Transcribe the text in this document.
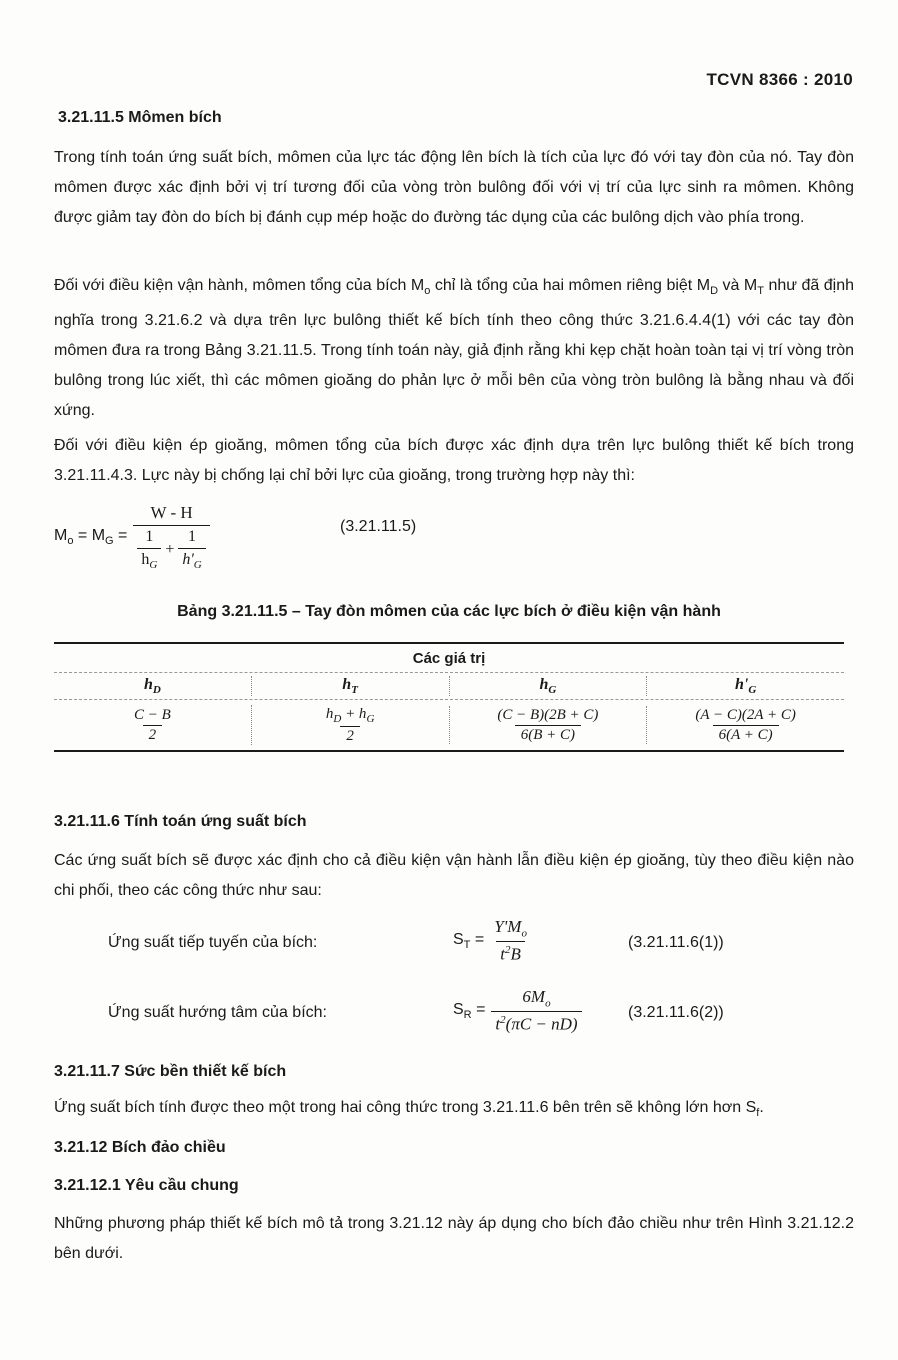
TCVN 8366 : 2010
3.21.11.5 Mômen bích

Trong tính toán ứng suất bích, mômen của lực tác động lên bích là tích của lực đó với tay đòn của nó. Tay đòn mômen được xác định bởi vị trí tương đối của vòng tròn bulông đối với vị trí của lực sinh ra mômen. Không được giảm tay đòn do bích bị đánh cụp mép hoặc do đường tác dụng của các bulông dịch vào phía trong.

Đối với điều kiện vận hành, mômen tổng của bích $M_o$ chỉ là tổng của hai mômen riêng biệt $M_D$ và $M_T$ như đã định nghĩa trong 3.21.6.2 và dựa trên lực bulông thiết kế bích tính theo công thức 3.21.6.4.4(1) với các tay đòn mômen đưa ra trong Bảng 3.21.11.5. Trong tính toán này, giả định rằng khi kẹp chặt hoàn toàn tại vị trí vòng tròn bulông trong lúc xiết, thì các mômen gioăng do phản lực ở mỗi bên của vòng tròn bulông là bằng nhau và đối xứng.

Đối với điều kiện ép gioăng, mômen tổng của bích được xác định dựa trên lực bulông thiết kế bích trong 3.21.11.4.3. Lực này bị chống lại chỉ bởi lực của gioăng, trong trường hợp này thì:

$M_o = M_G = \frac{W - H}{\frac{1}{h_G} + \frac{1}{h'_G}}$	(3.21.11.5)
Bảng 3.21.11.5 – Tay đòn mômen của các lực bích ở điều kiện vận hành
Các giá trị
$h_D$	$h_T$	$h_G$	$h'_G$
$\frac{C - B}{2}$	$\frac{h_D + h_G}{2}$	$\frac{(C - B)(2B + C)}{6(B + C)}$	$\frac{(A - C)(2A + C)}{6(A + C)}$
3.21.11.6 Tính toán ứng suất bích

Các ứng suất bích sẽ được xác định cho cả điều kiện vận hành lẫn điều kiện ép gioăng, tùy theo điều kiện nào chi phối, theo các công thức như sau:

Ứng suất tiếp tuyến của bích:	$S_T = \frac{Y'M_o}{t^2B}$	(3.21.11.6(1))
Ứng suất hướng tâm của bích:	$S_R = \frac{6M_o}{t^2(\pi C - nD)}$	(3.21.11.6(2))
3.21.11.7 Sức bền thiết kế bích
Ứng suất bích tính được theo một trong hai công thức trong 3.21.11.6 bên trên sẽ không lớn hơn $S_f$.
3.21.12 Bích đảo chiều
3.21.12.1 Yêu cầu chung

Những phương pháp thiết kế bích mô tả trong 3.21.12 này áp dụng cho bích đảo chiều như trên Hình 3.21.12.2 bên dưới.
